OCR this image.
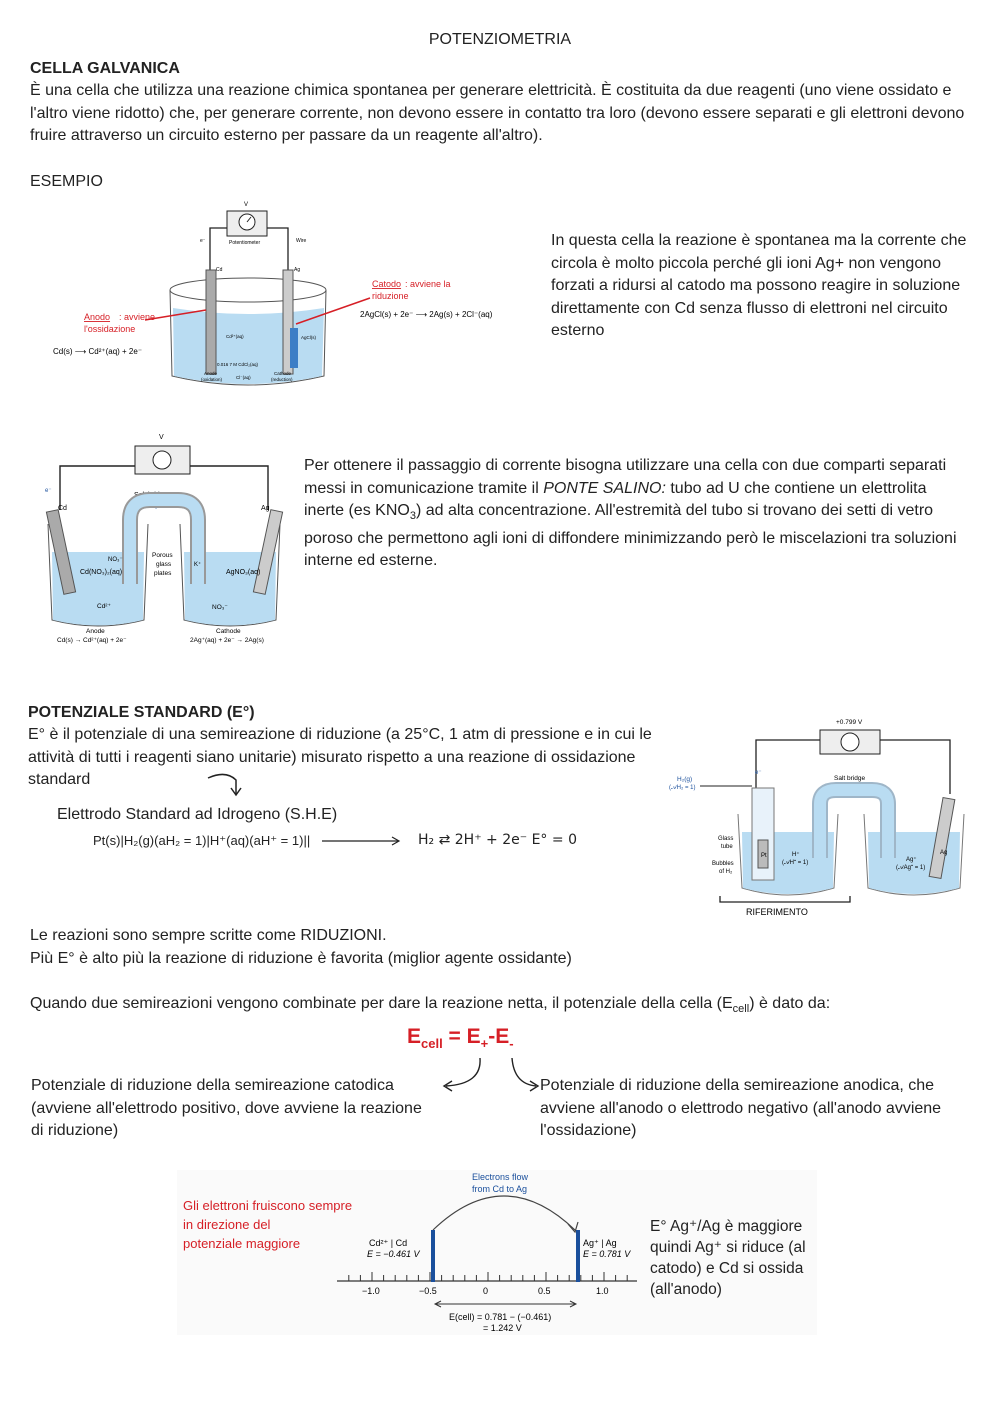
POTENZIOMETRIA
CELLA GALVANICA
È una cella che utilizza una reazione chimica spontanea per generare elettricità. È costituita da due reagenti (uno viene ossidato e l'altro viene ridotto) che, per generare corrente, non devono essere in contatto tra loro (devono essere separati e gli elettroni devono fruire attraverso un circuito esterno per passare da un reagente all'altro).
ESEMPIO
V
Potentiometer	Wire
e⁻
Cd	Ag
Cd²⁺(aq)	AgCl(s)
0.016 7 M CdCl₂(aq)
Anode
(oxidation)	Cl⁻(aq)
Cathode
(reduction)
Anodo : avviene
l'ossidazione
Catodo : avviene la
riduzione
2AgCl(s) + 2e⁻ ⟶ 2Ag(s) + 2Cl⁻(aq)
Cd(s) ⟶ Cd²⁺(aq) + 2e⁻
In questa cella la reazione è spontanea ma la corrente che circola è molto piccola perché gli ioni Ag+ non vengono forzati a ridursi al catodo ma possono reagire in soluzione direttamente con Cd senza flusso di elettroni nel circuito esterno
V
e⁻
Salt bridge
NO₃⁻ K⁺
Cd	Ag
NO₃⁻
Cd(NO₃)₂(aq)
Porous
glass
plates
K⁺
AgNO₃(aq)
Cd²⁺	NO₃⁻
Anode
Cd(s) → Cd²⁺(aq) + 2e⁻
Cathode
2Ag⁺(aq) + 2e⁻ → 2Ag(s)
Per ottenere il passaggio di corrente bisogna utilizzare una cella con due comparti separati messi in comunicazione tramite il PONTE SALINO: tubo ad U che contiene un elettrolita inerte (es $KNO_3$) ad alta concentrazione. All'estremità del tubo si trovano dei setti di vetro poroso che permettono agli ioni di diffondere minimizzando però le miscelazioni tra soluzioni interne ed esterne.
POTENZIALE STANDARD (E°)
E° è il potenziale di una semireazione di riduzione (a 25°C, 1 atm di pressione e in cui le attività di tutti i reagenti siano unitarie) misurato rispetto a una reazione di ossidazione standard
Elettrodo Standard ad Idrogeno (S.H.E)
Pt(s)|H₂(g)(aH₂ = 1)|H⁺(aq)(aH⁺ = 1)||	H₂ ⇄ 2H⁺ + 2e⁻ E° = 0
+0.799 V
H₂(g)
(𝒜H₂ = 1)
e⁻
Salt bridge
Pt	H⁺
(𝒜H⁺ = 1)
Glass
tube
Bubbles
of H₂
Ag
Ag⁺
(𝒜Ag⁺ = 1)
RIFERIMENTO
Le reazioni sono sempre scritte come RIDUZIONI.
Più E° è alto più la reazione di riduzione è favorita (miglior agente ossidante)
Quando due semireazioni vengono combinate per dare la reazione netta, il potenziale della cella $(E_{cell})$ è dato da:
$E_{cell} = E_+-E_-$
Potenziale di riduzione della semireazione catodica (avviene all'elettrodo positivo, dove avviene la reazione di riduzione)
Potenziale di riduzione della semireazione anodica, che avviene all'anodo o elettrodo negativo (all'anodo avviene l'ossidazione)
Gli elettroni fruiscono sempre in direzione del potenziale maggiore
Electrons flow
from Cd to Ag
Cd²⁺ | Cd
E = −0.461 V
Ag⁺ | Ag
E = 0.781 V
−1.0	−0.5	0	0.5	1.0
E(cell) = 0.781 − (−0.461)
= 1.242 V
E° Ag⁺/Ag è maggiore quindi Ag⁺ si riduce (al catodo) e Cd si ossida (all'anodo)
